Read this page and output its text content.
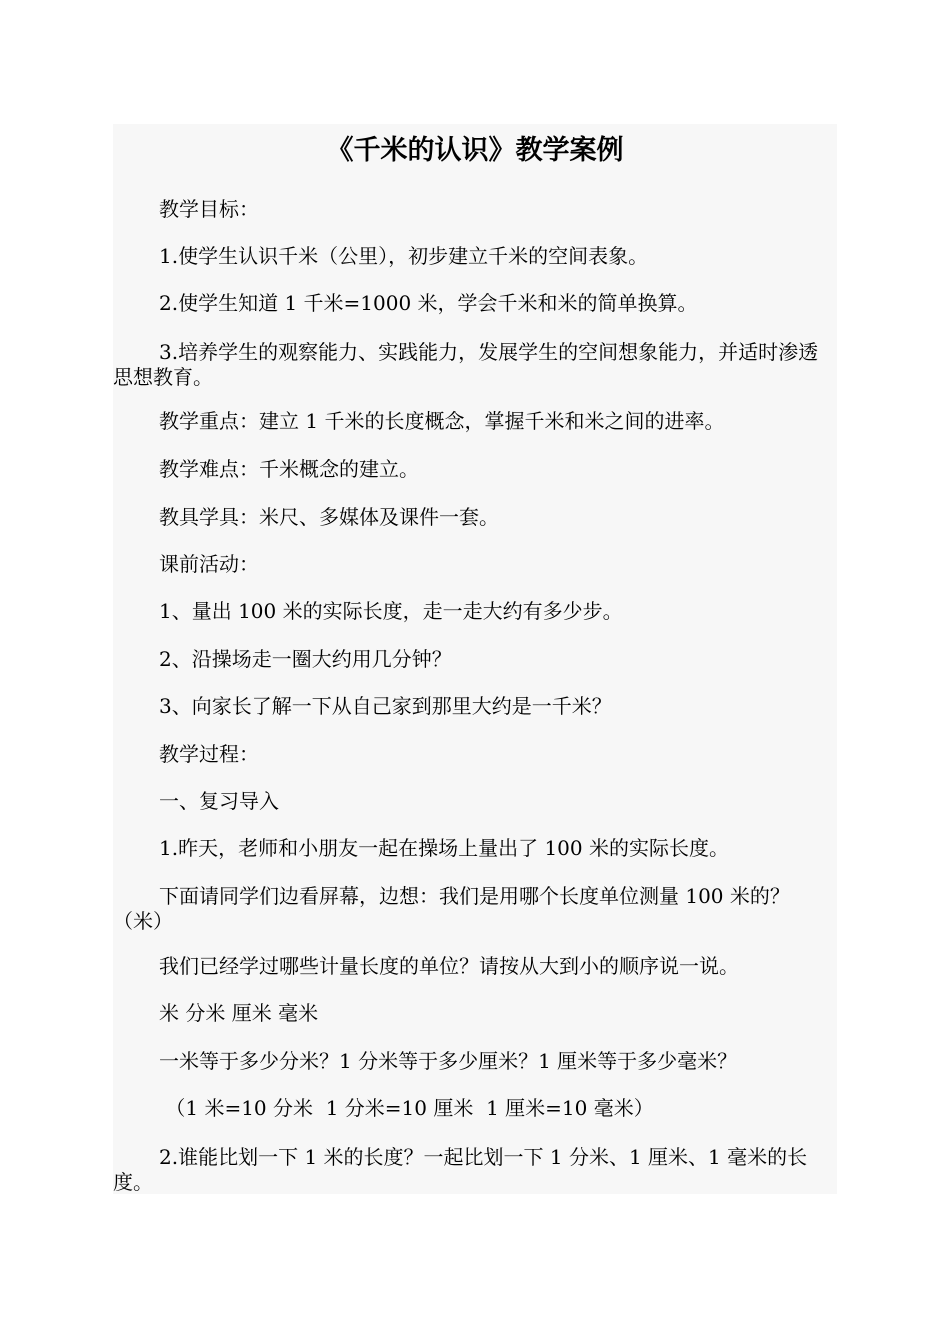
《千米的认识》教学案例

教学目标：

1.使学生认识千米（公里），初步建立千米的空间表象。

2.使学生知道 1 千米=1000 米，学会千米和米的简单换算。

3.培养学生的观察能力、实践能力，发展学生的空间想象能力，并适时渗透思想教育。

教学重点：建立 1 千米的长度概念，掌握千米和米之间的进率。

教学难点：千米概念的建立。

教具学具：米尺、多媒体及课件一套。

课前活动：

1、量出 100 米的实际长度，走一走大约有多少步。

2、沿操场走一圈大约用几分钟？

3、向家长了解一下从自己家到那里大约是一千米？

教学过程：

一、复习导入

1.昨天，老师和小朋友一起在操场上量出了 100 米的实际长度。

下面请同学们边看屏幕，边想：我们是用哪个长度单位测量 100 米的？（米）

我们已经学过哪些计量长度的单位？请按从大到小的顺序说一说。

米 分米 厘米 毫米

一米等于多少分米？1 分米等于多少厘米？1 厘米等于多少毫米？

（1 米=10 分米  1 分米=10 厘米  1 厘米=10 毫米）

2.谁能比划一下 1 米的长度？一起比划一下 1 分米、1 厘米、1 毫米的长度。
